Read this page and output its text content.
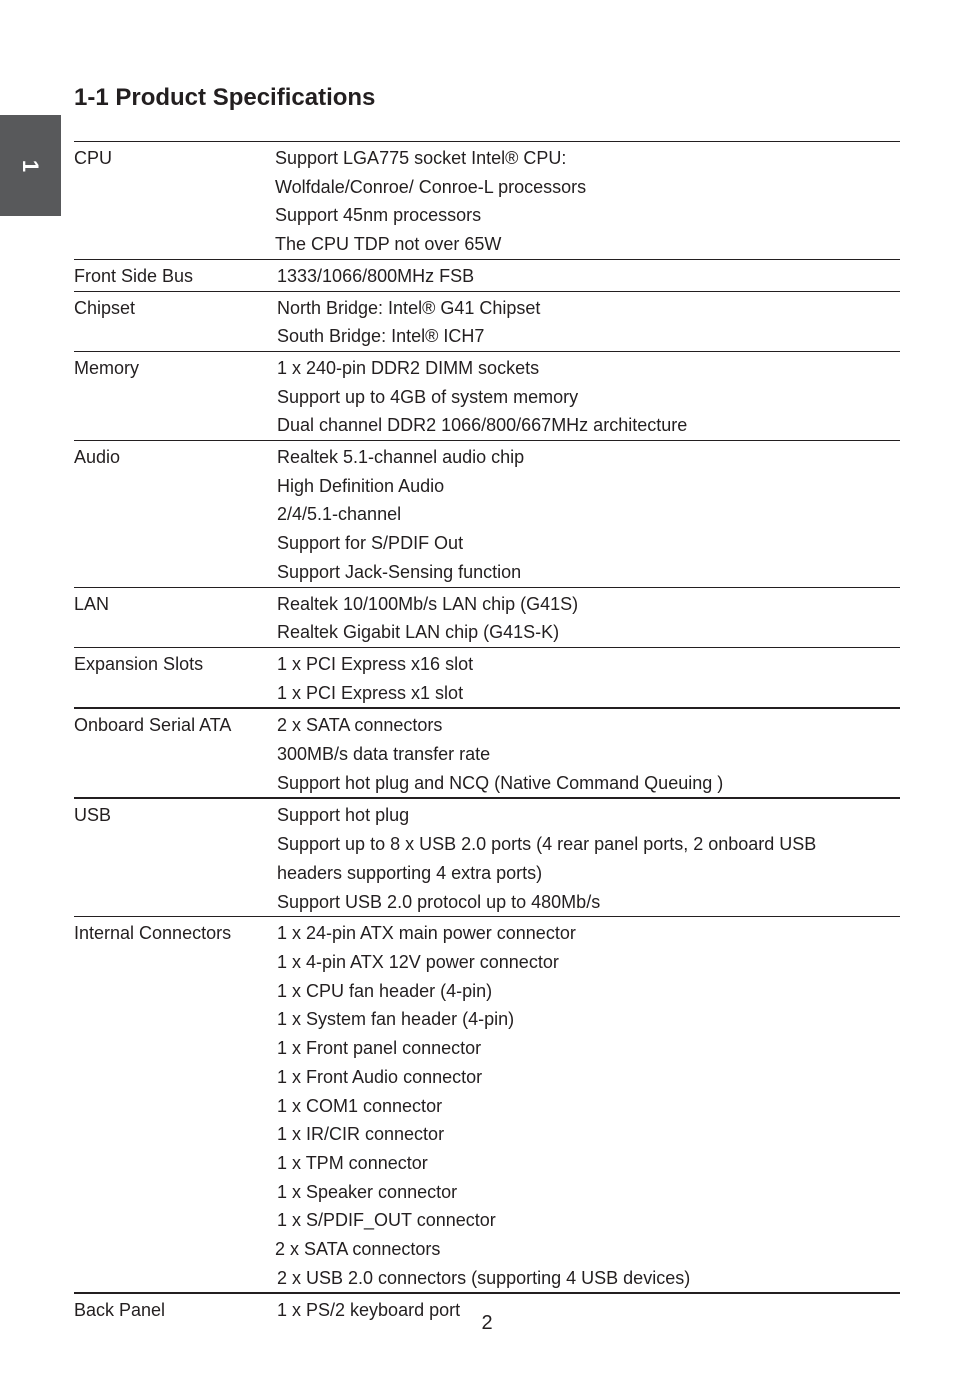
1
1-1 Product Specifications
CPU	Support LGA775 socket Intel® CPU:
Wolfdale/Conroe/ Conroe-L processors
Support 45nm processors
The CPU TDP not over 65W
Front Side Bus	1333/1066/800MHz FSB
Chipset	North Bridge: Intel® G41 Chipset
South Bridge: Intel® ICH7
Memory	1 x 240-pin DDR2 DIMM sockets
Support up to 4GB of system memory
Dual channel DDR2 1066/800/667MHz architecture
Audio	Realtek 5.1-channel audio chip
High Definition Audio
2/4/5.1-channel
Support for S/PDIF Out
Support Jack-Sensing function
LAN	Realtek 10/100Mb/s LAN chip (G41S)
Realtek Gigabit LAN chip (G41S-K)
Expansion Slots	1 x PCI Express x16 slot
1 x PCI Express x1 slot
Onboard Serial ATA	2 x SATA connectors
300MB/s data transfer rate
Support hot plug and NCQ (Native Command Queuing )
USB	Support hot plug
Support up to 8 x USB 2.0 ports (4 rear panel ports, 2 onboard USB
headers supporting 4 extra ports)
Support USB 2.0 protocol up to 480Mb/s
Internal Connectors	1 x 24-pin ATX main power connector
1 x 4-pin ATX 12V power connector
1 x CPU fan header (4-pin)
1 x System fan header (4-pin)
1 x Front panel connector
1 x Front Audio connector
1 x COM1 connector
1 x IR/CIR connector
1 x TPM connector
1 x Speaker connector
1 x S/PDIF_OUT connector
2 x SATA connectors
2 x USB 2.0 connectors (supporting 4 USB devices)
Back Panel	1 x PS/2 keyboard port
2
